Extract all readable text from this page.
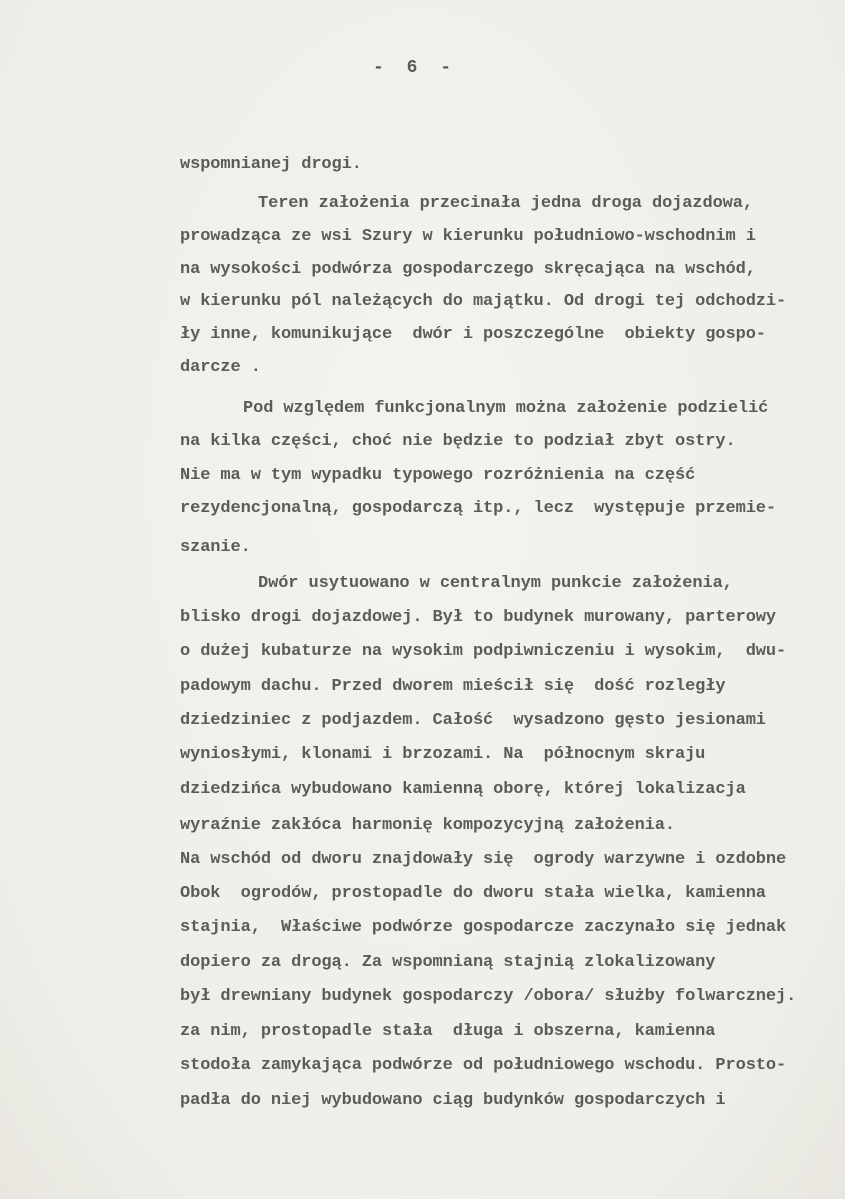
- 6 -
wspomnianej drogi.
Teren założenia przecinała jedna droga dojazdowa,
prowadząca ze wsi Szury w kierunku południowo-wschodnim i
na wysokości podwórza gospodarczego skręcająca na wschód,
w kierunku pól należących do majątku. Od drogi tej odchodzi-
ły inne, komunikujące  dwór i poszczególne  obiekty gospo-
darcze .
Pod względem funkcjonalnym można założenie podzielić
na kilka części, choć nie będzie to podział zbyt ostry.
Nie ma w tym wypadku typowego rozróżnienia na część
rezydencjonalną, gospodarczą itp., lecz  występuje przemie-
szanie.
Dwór usytuowano w centralnym punkcie założenia,
blisko drogi dojazdowej. Był to budynek murowany, parterowy
o dużej kubaturze na wysokim podpiwniczeniu i wysokim,  dwu-
padowym dachu. Przed dworem mieścił się  dość rozległy
dziedziniec z podjazdem. Całość  wysadzono gęsto jesionami
wyniosłymi, klonami i brzozami. Na  północnym skraju
dziedzińca wybudowano kamienną oborę, której lokalizacja
wyraźnie zakłóca harmonię kompozycyjną założenia.
Na wschód od dworu znajdowały się  ogrody warzywne i ozdobne
Obok  ogrodów, prostopadle do dworu stała wielka, kamienna
stajnia,  Właściwe podwórze gospodarcze zaczynało się jednak
dopiero za drogą. Za wspomnianą stajnią zlokalizowany
był drewniany budynek gospodarczy /obora/ służby folwarcznej.
za nim, prostopadle stała  długa i obszerna, kamienna
stodoła zamykająca podwórze od południowego wschodu. Prosto-
padła do niej wybudowano ciąg budynków gospodarczych i
